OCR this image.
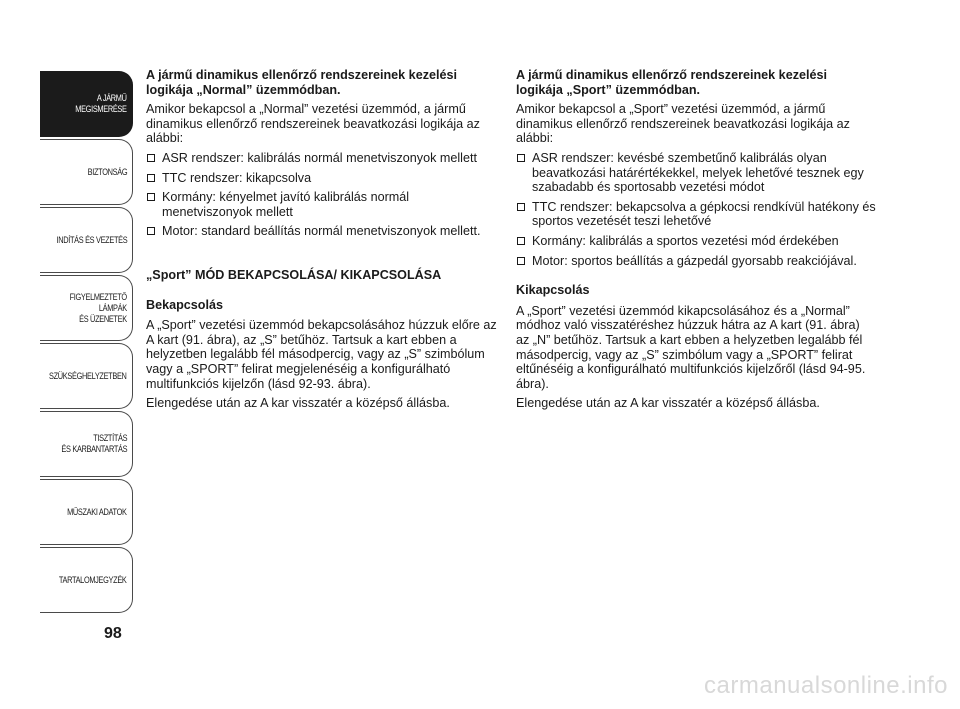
A JÁRMŰ
MEGISMERÉSE
BIZTONSÁG
INDÍTÁS ÉS VEZETÉS
FIGYELMEZTETŐ
LÁMPÁK
ÉS ÜZENETEK
SZÜKSÉGHELYZETBEN
TISZTÍTÁS
ÉS KARBANTARTÁS
MŰSZAKI ADATOK
TARTALOMJEGYZÉK
98
A jármű dinamikus ellenőrző rendszereinek kezelési logikája „Normal” üzemmódban.

Amikor bekapcsol a „Normal” vezetési üzemmód, a jármű dinamikus ellenőrző rendszereinek beavatkozási logikája az alábbi:

ASR rendszer: kalibrálás normál menetviszonyok mellett
TTC rendszer: kikapcsolva
Kormány: kényelmet javító kalibrálás normál menetviszonyok mellett
Motor: standard beállítás normál menetviszonyok mellett.
„Sport” MÓD BEKAPCSOLÁSA/ KIKAPCSOLÁSA
Bekapcsolás

A „Sport” vezetési üzemmód bekapcsolásához húzzuk előre az A kart (91. ábra), az „S” betűhöz. Tartsuk a kart ebben a helyzetben legalább fél másodpercig, vagy az „S” szimbólum vagy a „SPORT” felirat megjelenéséig a konfigurálható multifunkciós kijelzőn (lásd 92-93. ábra).

Elengedése után az A kar visszatér a középső állásba.

A jármű dinamikus ellenőrző rendszereinek kezelési logikája „Sport” üzemmódban.

Amikor bekapcsol a „Sport” vezetési üzemmód, a jármű dinamikus ellenőrző rendszereinek beavatkozási logikája az alábbi:

ASR rendszer: kevésbé szembetűnő kalibrálás olyan beavatkozási határértékekkel, melyek lehetővé tesznek egy szabadabb és sportosabb vezetési módot
TTC rendszer: bekapcsolva a gépkocsi rendkívül hatékony és sportos vezetését teszi lehetővé
Kormány: kalibrálás a sportos vezetési mód érdekében
Motor: sportos beállítás a gázpedál gyorsabb reakciójával.
Kikapcsolás

A „Sport” vezetési üzemmód kikapcsolásához és a „Normal” módhoz való visszatéréshez húzzuk hátra az A kart (91. ábra) az „N” betűhöz. Tartsuk a kart ebben a helyzetben legalább fél másodpercig, vagy az „S” szimbólum vagy a „SPORT” felirat eltűnéséig a konfigurálható multifunkciós kijelzőről (lásd 94-95. ábra).

Elengedése után az A kar visszatér a középső állásba.

carmanualsonline.info
